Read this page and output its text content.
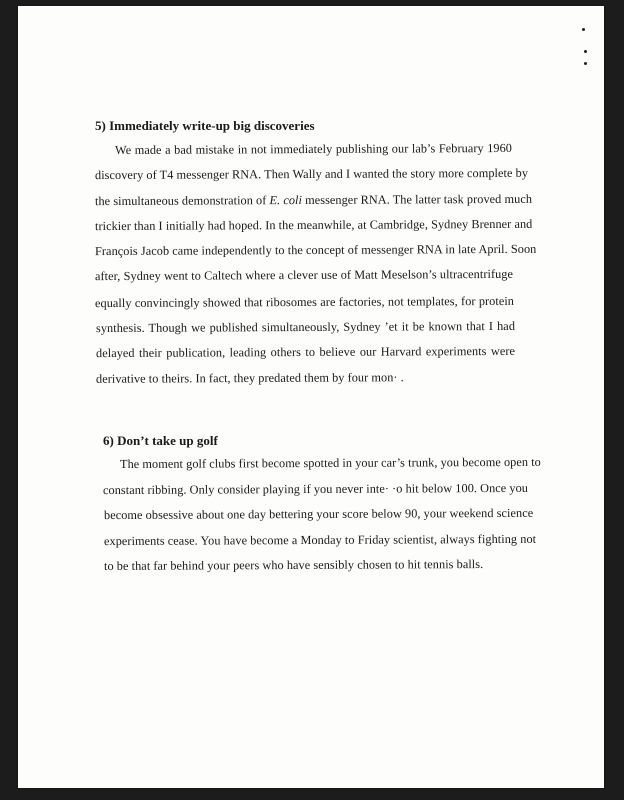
5) Immediately write-up big discoveries
We made a bad mistake in not immediately publishing our lab’s February 1960
discovery of T4 messenger RNA. Then Wally and I wanted the story more complete by
the simultaneous demonstration of E. coli messenger RNA. The latter task proved much
trickier than I initially had hoped. In the meanwhile, at Cambridge, Sydney Brenner and
François Jacob came independently to the concept of messenger RNA in late April. Soon
after, Sydney went to Caltech where a clever use of Matt Meselson’s ultracentrifuge
equally convincingly showed that ribosomes are factories, not templates, for protein
synthesis. Though we published simultaneously, Sydney ’et it be known that I had
delayed their publication, leading others to believe our Harvard experiments were
derivative to theirs. In fact, they predated them by four mon· .
6) Don’t take up golf
The moment golf clubs first become spotted in your car’s trunk, you become open to
constant ribbing. Only consider playing if you never inte· ·o hit below 100. Once you
become obsessive about one day bettering your score below 90, your weekend science
experiments cease. You have become a Monday to Friday scientist, always fighting not
to be that far behind your peers who have sensibly chosen to hit tennis balls.
